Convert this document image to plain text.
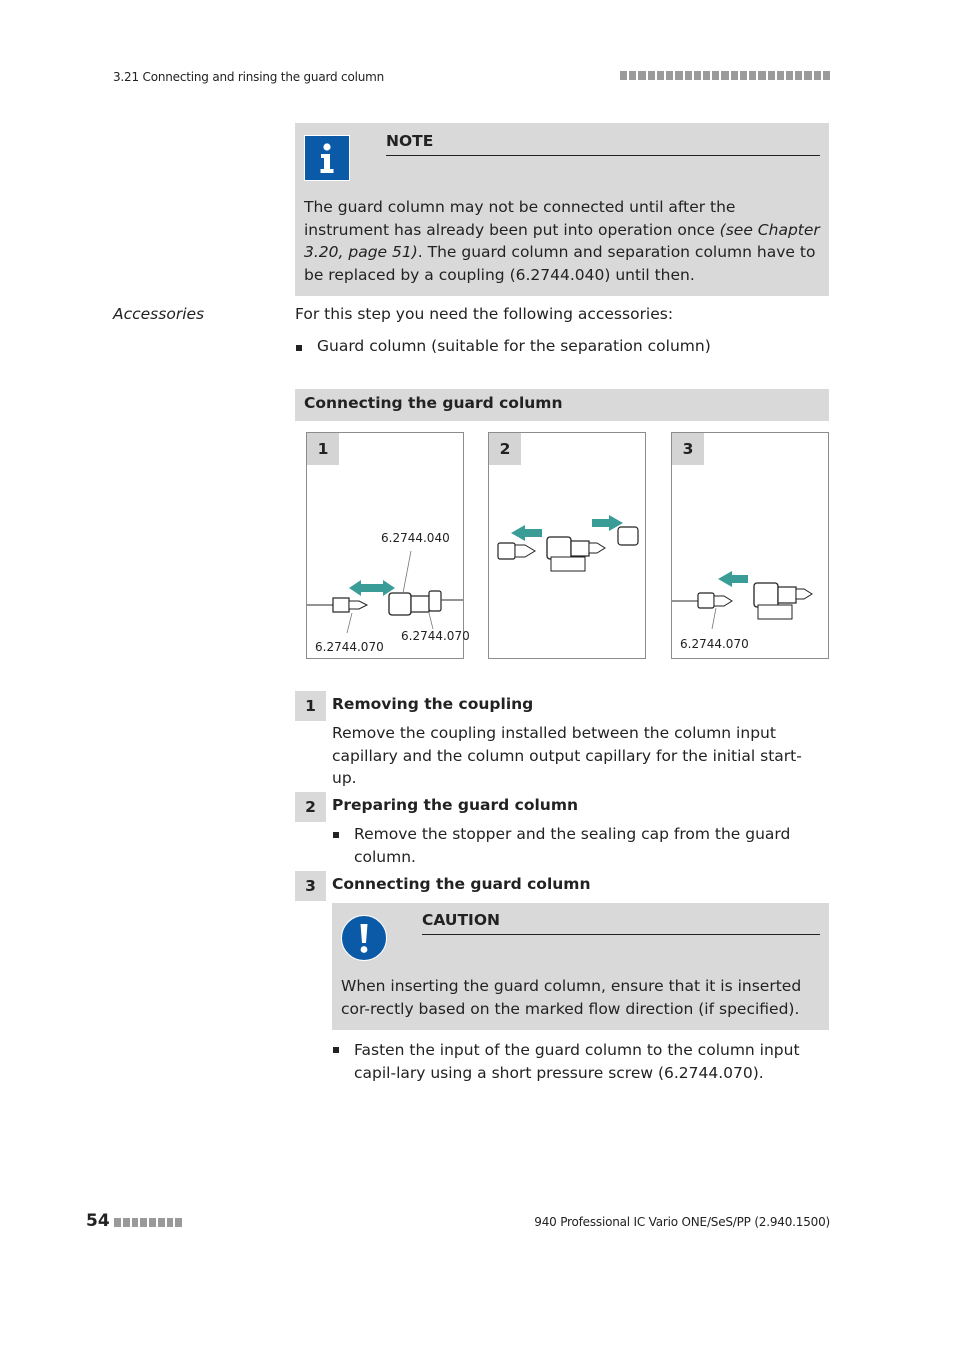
3.21 Connecting and rinsing the guard column
NOTE
The guard column may not be connected until after the instrument has already been put into operation once (see Chapter 3.20, page 51). The guard column and separation column have to be replaced by a coupling (6.2744.040) until then.
Accessories	For this step you need the following accessories:
Guard column (suitable for the separation column)
Connecting the guard column
1
6.2744.040
6.2744.070
6.2744.070
2	3
6.2744.070
1	Removing the coupling
Remove the coupling installed between the column input capillary and the column output capillary for the initial start-up.
2	Preparing the guard column
Remove the stopper and the sealing cap from the guard column.
3	Connecting the guard column
CAUTION
When inserting the guard column, ensure that it is inserted cor-rectly based on the marked flow direction (if specified).
Fasten the input of the guard column to the column input capil-lary using a short pressure screw (6.2744.070).
54	940 Professional IC Vario ONE/SeS/PP (2.940.1500)
